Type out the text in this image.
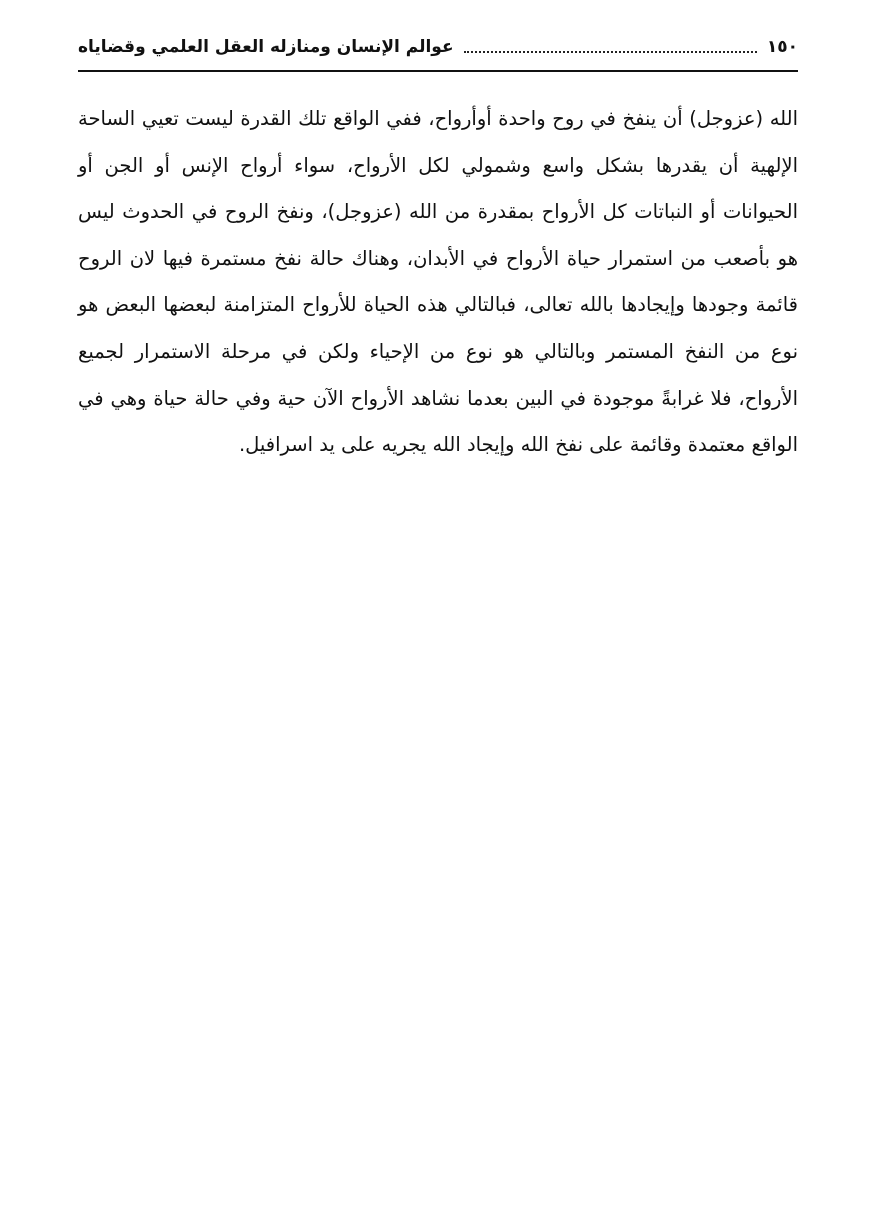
١٥٠
عوالم الإنسان ومنازله العقل العلمي وقضاياه

الله (عزوجل) أن ينفخ في روح واحدة أوأرواح، ففي الواقع تلك القدرة ليست تعيي الساحة الإلهية أن يقدرها بشكل واسع وشمولي لكل الأرواح، سواء أرواح الإنس أو الجن أو الحيوانات أو النباتات كل الأرواح بمقدرة من الله (عزوجل)، ونفخ الروح في الحدوث ليس هو بأصعب من استمرار حياة الأرواح في الأبدان، وهناك حالة نفخ مستمرة فيها لان الروح قائمة وجودها وإيجادها بالله تعالى، فبالتالي هذه الحياة للأرواح المتزامنة لبعضها البعض هو نوع من النفخ المستمر وبالتالي هو نوع من الإحياء ولكن في مرحلة الاستمرار لجميع الأرواح، فلا غرابةً موجودة في البين بعدما نشاهد الأرواح الآن حية وفي حالة حياة وهي في الواقع معتمدة وقائمة على نفخ الله وإيجاد الله يجريه على يد اسرافيل.
